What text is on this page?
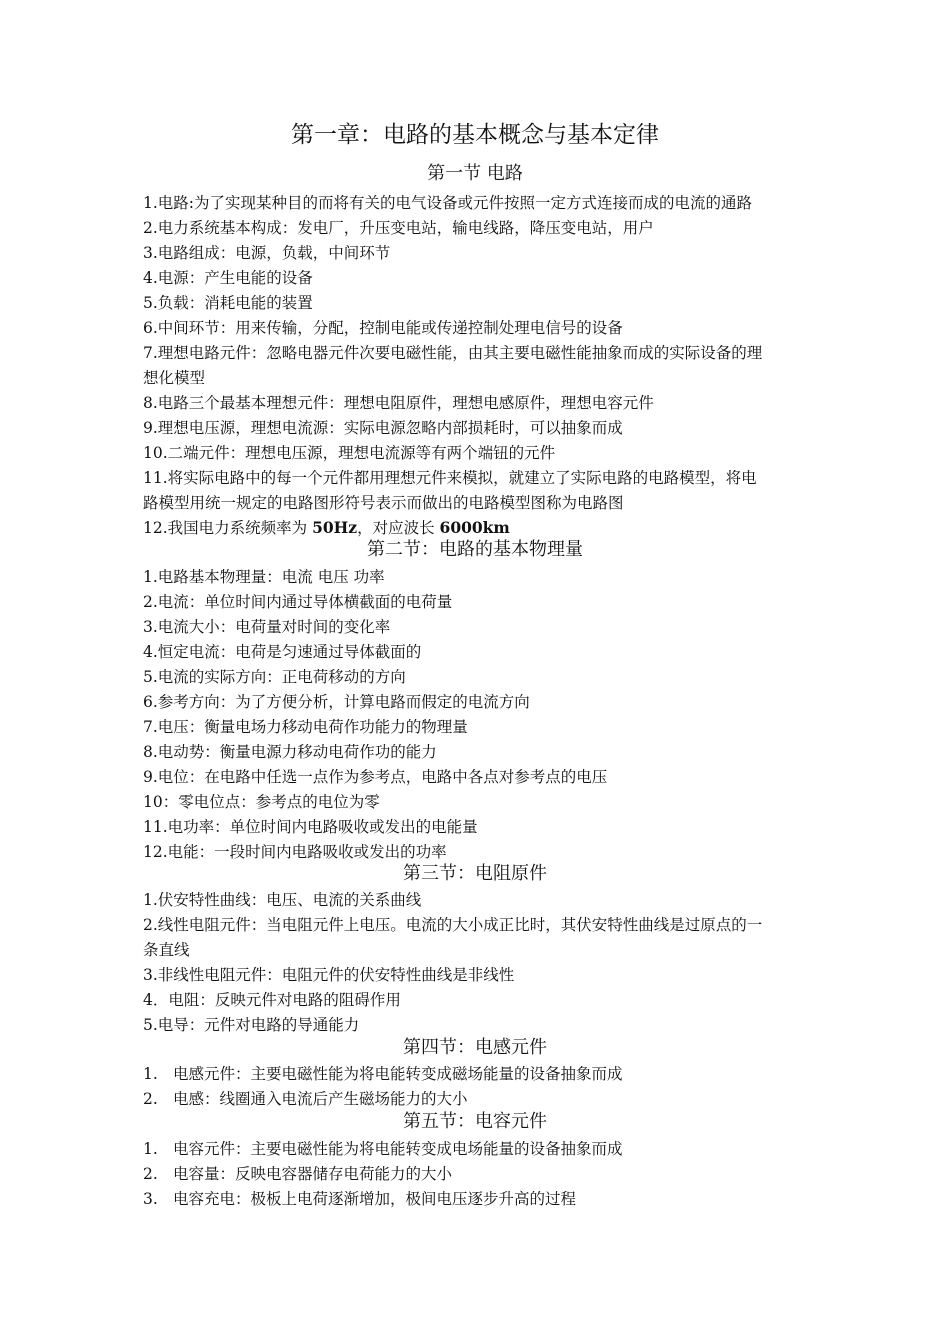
第一章：电路的基本概念与基本定律
第一节 电路
1.电路:为了实现某种目的而将有关的电气设备或元件按照一定方式连接而成的电流的通路
2.电力系统基本构成：发电厂，升压变电站，输电线路，降压变电站，用户
3.电路组成：电源，负载，中间环节
4.电源：产生电能的设备
5.负载：消耗电能的装置
6.中间环节：用来传输，分配，控制电能或传递控制处理电信号的设备
7.理想电路元件：忽略电器元件次要电磁性能，由其主要电磁性能抽象而成的实际设备的理
想化模型
8.电路三个最基本理想元件：理想电阻原件，理想电感原件，理想电容元件
9.理想电压源，理想电流源：实际电源忽略内部损耗时，可以抽象而成
10.二端元件：理想电压源，理想电流源等有两个端钮的元件
11.将实际电路中的每一个元件都用理想元件来模拟，就建立了实际电路的电路模型，将电
路模型用统一规定的电路图形符号表示而做出的电路模型图称为电路图
12.我国电力系统频率为 50Hz，对应波长 6000km
第二节：电路的基本物理量
1.电路基本物理量：电流 电压 功率
2.电流：单位时间内通过导体横截面的电荷量
3.电流大小：电荷量对时间的变化率
4.恒定电流：电荷是匀速通过导体截面的
5.电流的实际方向：正电荷移动的方向
6.参考方向：为了方便分析，计算电路而假定的电流方向
7.电压：衡量电场力移动电荷作功能力的物理量
8.电动势：衡量电源力移动电荷作功的能力
9.电位：在电路中任选一点作为参考点，电路中各点对参考点的电压
10：零电位点：参考点的电位为零
11.电功率：单位时间内电路吸收或发出的电能量
12.电能：一段时间内电路吸收或发出的功率
第三节：电阻原件
1.伏安特性曲线：电压、电流的关系曲线
2.线性电阻元件：当电阻元件上电压。电流的大小成正比时，其伏安特性曲线是过原点的一
条直线
3.非线性电阻元件：电阻元件的伏安特性曲线是非线性
4．电阻：反映元件对电路的阻碍作用
5.电导：元件对电路的导通能力
第四节：电感元件
1. 电感元件：主要电磁性能为将电能转变成磁场能量的设备抽象而成
2. 电感：线圈通入电流后产生磁场能力的大小
第五节：电容元件
1. 电容元件：主要电磁性能为将电能转变成电场能量的设备抽象而成
2. 电容量：反映电容器储存电荷能力的大小
3. 电容充电：极板上电荷逐渐增加，极间电压逐步升高的过程
